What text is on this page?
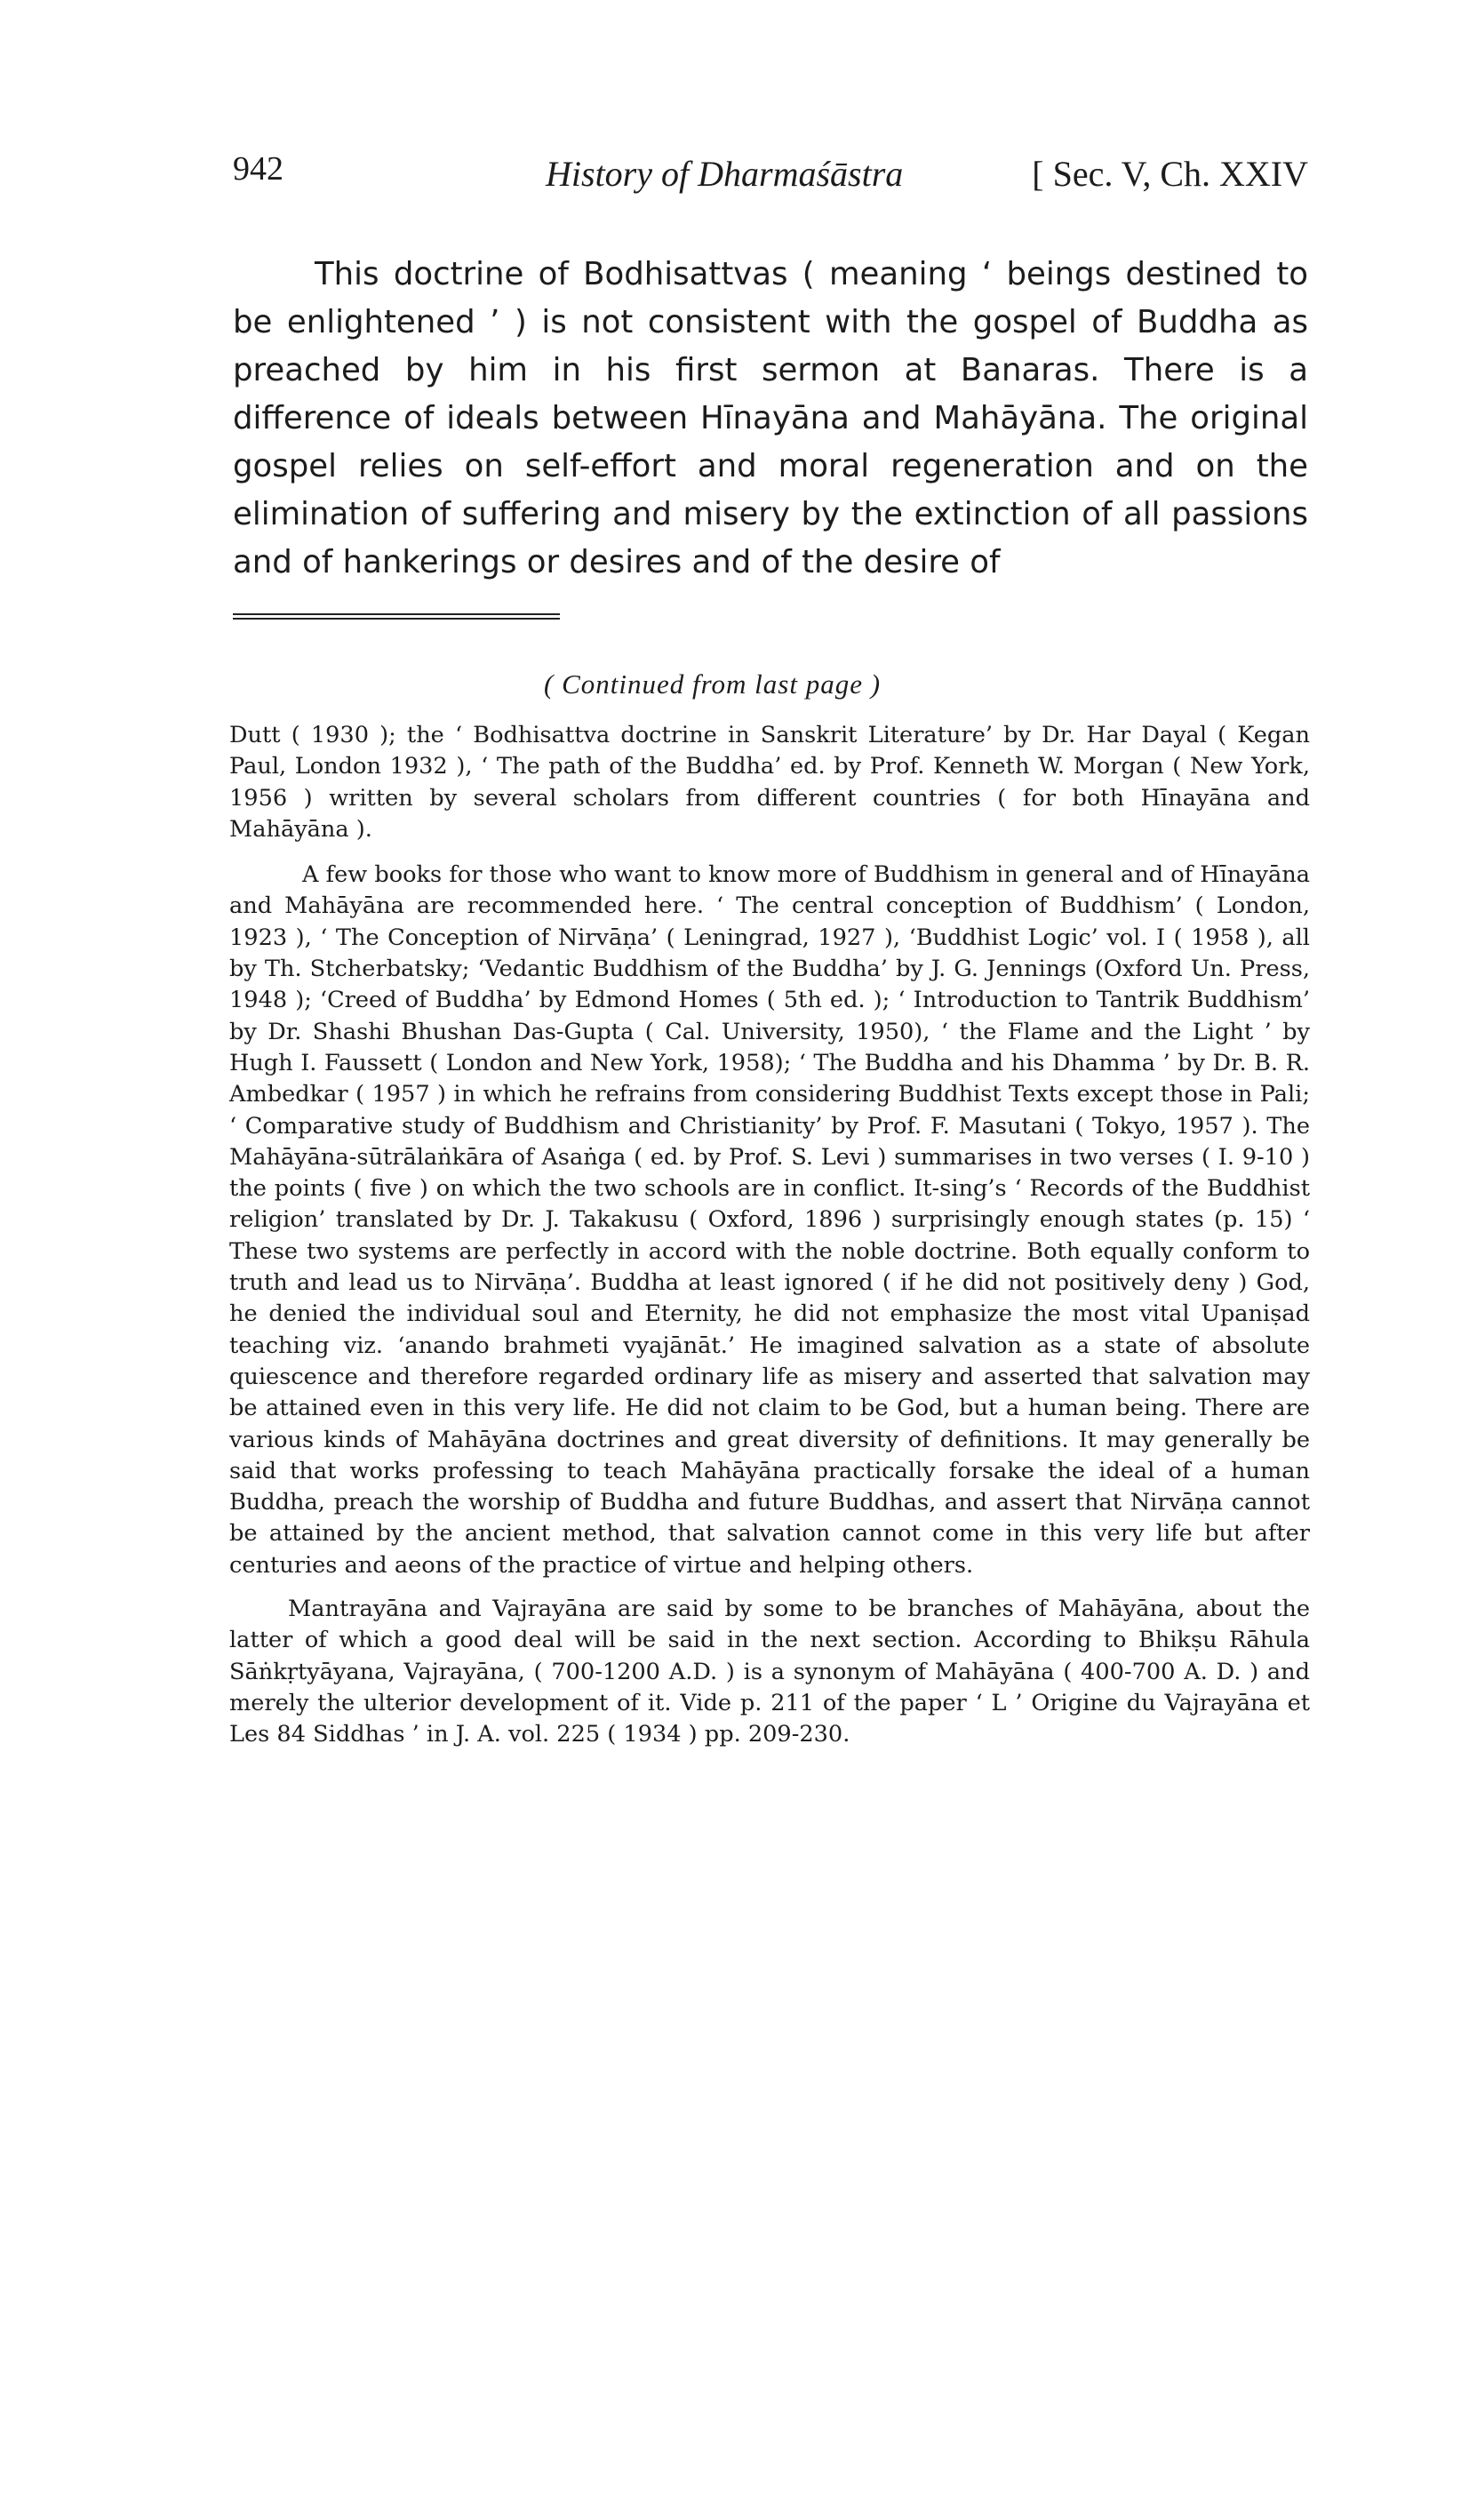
942	History of Dharmaśāstra	[ Sec. V, Ch. XXIV

This doctrine of Bodhisattvas ( meaning ‘ beings destined to be enlightened ’ ) is not consistent with the gospel of Buddha as preached by him in his first sermon at Banaras. There is a difference of ideals between Hīnayāna and Mahāyāna. The original gospel relies on self-effort and moral regeneration and on the elimination of suffering and misery by the extinction of all passions and of hankerings or desires and of the desire of

( Continued from last page )

Dutt ( 1930 ); the ‘ Bodhisattva doctrine in Sanskrit Literature’ by Dr. Har Dayal ( Kegan Paul, London 1932 ), ‘ The path of the Buddha’ ed. by Prof. Kenneth W. Morgan ( New York, 1956 ) written by several scholars from different countries ( for both Hīnayāna and Mahāyāna ).

A few books for those who want to know more of Buddhism in general and of Hīnayāna and Mahāyāna are recommended here. ‘ The central conception of Buddhism’ ( London, 1923 ), ‘ The Conception of Nirvāṇa’ ( Leningrad, 1927 ), ‘Buddhist Logic’ vol. I ( 1958 ), all by Th. Stcherbatsky; ‘Vedantic Buddhism of the Buddha’ by J. G. Jennings (Oxford Un. Press, 1948 ); ‘Creed of Buddha’ by Edmond Homes ( 5th ed. ); ‘ Introduction to Tantrik Buddhism’ by Dr. Shashi Bhushan Das-Gupta ( Cal. University, 1950), ‘ the Flame and the Light ’ by Hugh I. Faussett ( London and New York, 1958); ‘ The Buddha and his Dhamma ’ by Dr. B. R. Ambedkar ( 1957 ) in which he refrains from considering Buddhist Texts except those in Pali; ‘ Comparative study of Buddhism and Christianity’ by Prof. F. Masutani ( Tokyo, 1957 ). The Mahāyāna-sūtrālaṅkāra of Asaṅga ( ed. by Prof. S. Levi ) summarises in two verses ( I. 9-10 ) the points ( five ) on which the two schools are in conflict. It-sing’s ‘ Records of the Buddhist religion’ translated by Dr. J. Takakusu ( Oxford, 1896 ) surprisingly enough states (p. 15) ‘ These two systems are perfectly in accord with the noble doctrine. Both equally conform to truth and lead us to Nirvāṇa’. Buddha at least ignored ( if he did not positively deny ) God, he denied the individual soul and Eternity, he did not emphasize the most vital Upaniṣad teaching viz. ‘anando brahmeti vyajānāt.’ He imagined salvation as a state of absolute quiescence and therefore regarded ordinary life as misery and asserted that salvation may be attained even in this very life. He did not claim to be God, but a human being. There are various kinds of Mahāyāna doctrines and great diversity of definitions. It may generally be said that works professing to teach Mahāyāna practically forsake the ideal of a human Buddha, preach the worship of Buddha and future Buddhas, and assert that Nirvāṇa cannot be attained by the ancient method, that salvation cannot come in this very life but after centuries and aeons of the practice of virtue and helping others.

Mantrayāna and Vajrayāna are said by some to be branches of Mahāyāna, about the latter of which a good deal will be said in the next section. According to Bhikṣu Rāhula Sāṅkṛtyāyana, Vajrayāna, ( 700-1200 A.D. ) is a synonym of Mahāyāna ( 400-700 A. D. ) and merely the ulterior development of it. Vide p. 211 of the paper ‘ L ’ Origine du Vajrayāna et Les 84 Siddhas ’ in J. A. vol. 225 ( 1934 ) pp. 209-230.
